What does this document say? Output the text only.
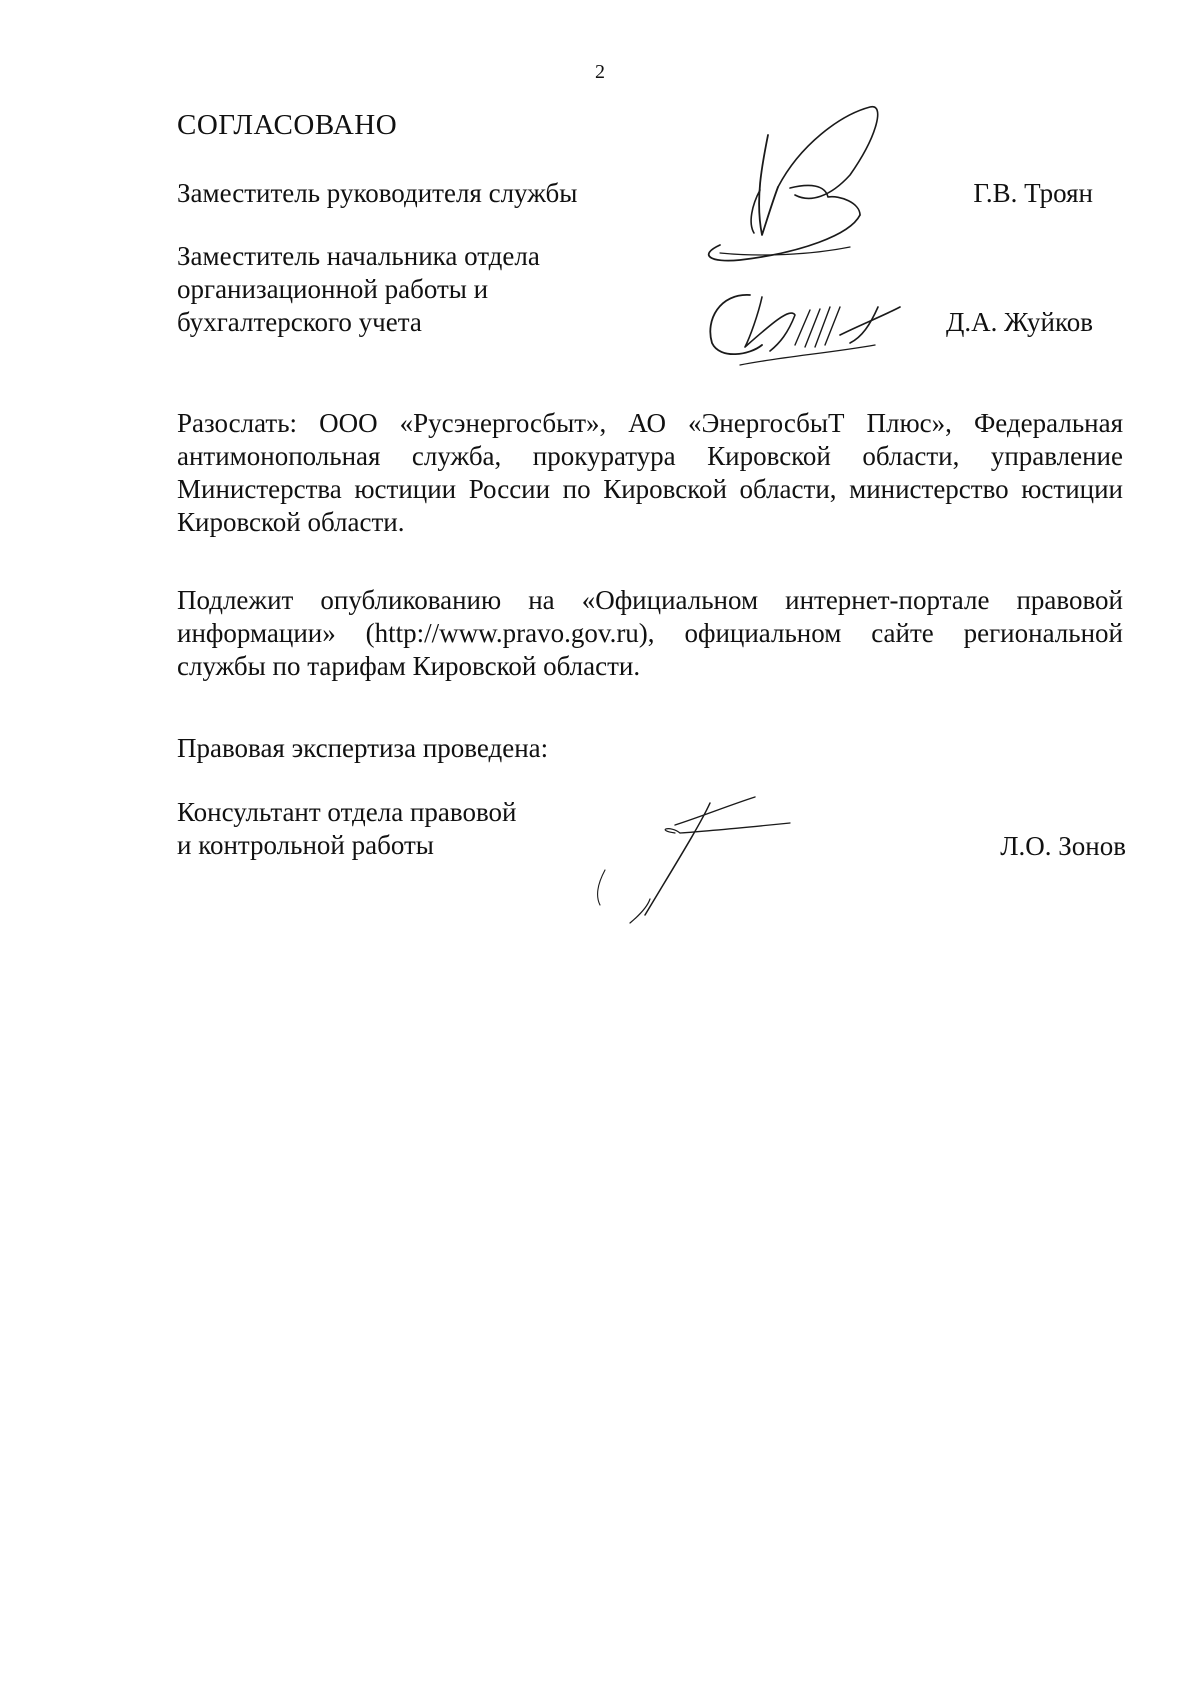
2
СОГЛАСОВАНО
Заместитель руководителя службы	Г.В. Троян
Заместитель начальника отдела
организационной работы и
бухгалтерского учета	Д.А. Жуйков
Разослать: ООО «Русэнергосбыт», АО «ЭнергосбыТ Плюс», Федеральная антимонопольная служба, прокуратура Кировской области, управление Министерства юстиции России по Кировской области, министерство юстиции Кировской области.
Подлежит опубликованию на «Официальном интернет-портале правовой информации» (http://www.pravo.gov.ru), официальном сайте региональной службы по тарифам Кировской области.
Правовая экспертиза проведена:
Консультант отдела правовой
и контрольной работы	Л.О. Зонов
